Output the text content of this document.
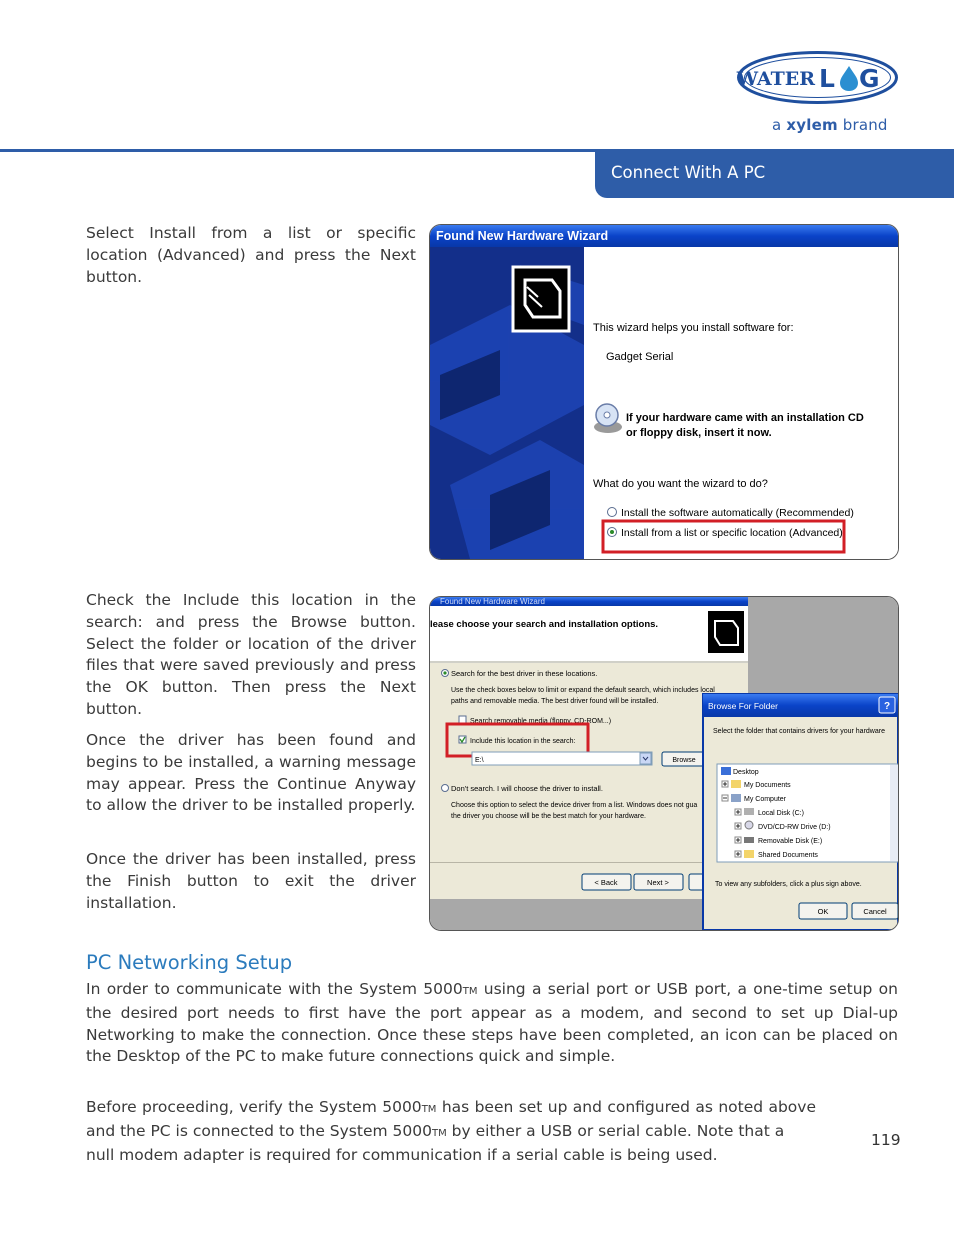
WATER L G
a xylem brand
Connect With A PC
Select Install from a list or specific location (Advanced) and press the Next button.
Check the Include this location in the search: and press the Browse button. Select the folder or location of the driver files that were saved previously and press the OK button. Then press the Next button.
Once the driver has been found and begins to be installed, a warning message may appear. Press the Continue Anyway to allow the driver to be installed properly.
Once the driver has been installed, press the Finish button to exit the driver installation.
PC Networking Setup
In order to communicate with the System 5000TM using a serial port or USB port, a one-time setup on the desired port needs to first have the port appear as a modem, and second to set up Dial-up Networking to make the connection. Once these steps have been completed, an icon can be placed on the Desktop of the PC to make future connections quick and simple.
Before proceeding, verify the System 5000TM has been set up and configured as noted above and the PC is connected to the System 5000TM by either a USB or serial cable. Note that a
null modem adapter is required for communication if a serial cable is being used.
119
Found New Hardware Wizard
This wizard helps you install software for:
Gadget Serial
If your hardware came with an installation CD
or floppy disk, insert it now.
What do you want the wizard to do?
Install the software automatically (Recommended)
Install from a list or specific location (Advanced)
Found New Hardware Wizard
lease choose your search and installation options.
Search for the best driver in these locations.
Use the check boxes below to limit or expand the default search, which includes local
paths and removable media. The best driver found will be installed.
Search removable media (floppy, CD-ROM...)
Include this location in the search:
E:\	Browse
Don't search. I will choose the driver to install.
Choose this option to select the device driver from a list. Windows does not gua
the driver you choose will be the best match for your hardware.
< Back	Next >
Browse For Folder	?
Select the folder that contains drivers for your hardware
Desktop
My Documents
My Computer
Local Disk (C:)
DVD/CD-RW Drive (D:)
Removable Disk (E:)
Shared Documents
To view any subfolders, click a plus sign above.
OK	Cancel
